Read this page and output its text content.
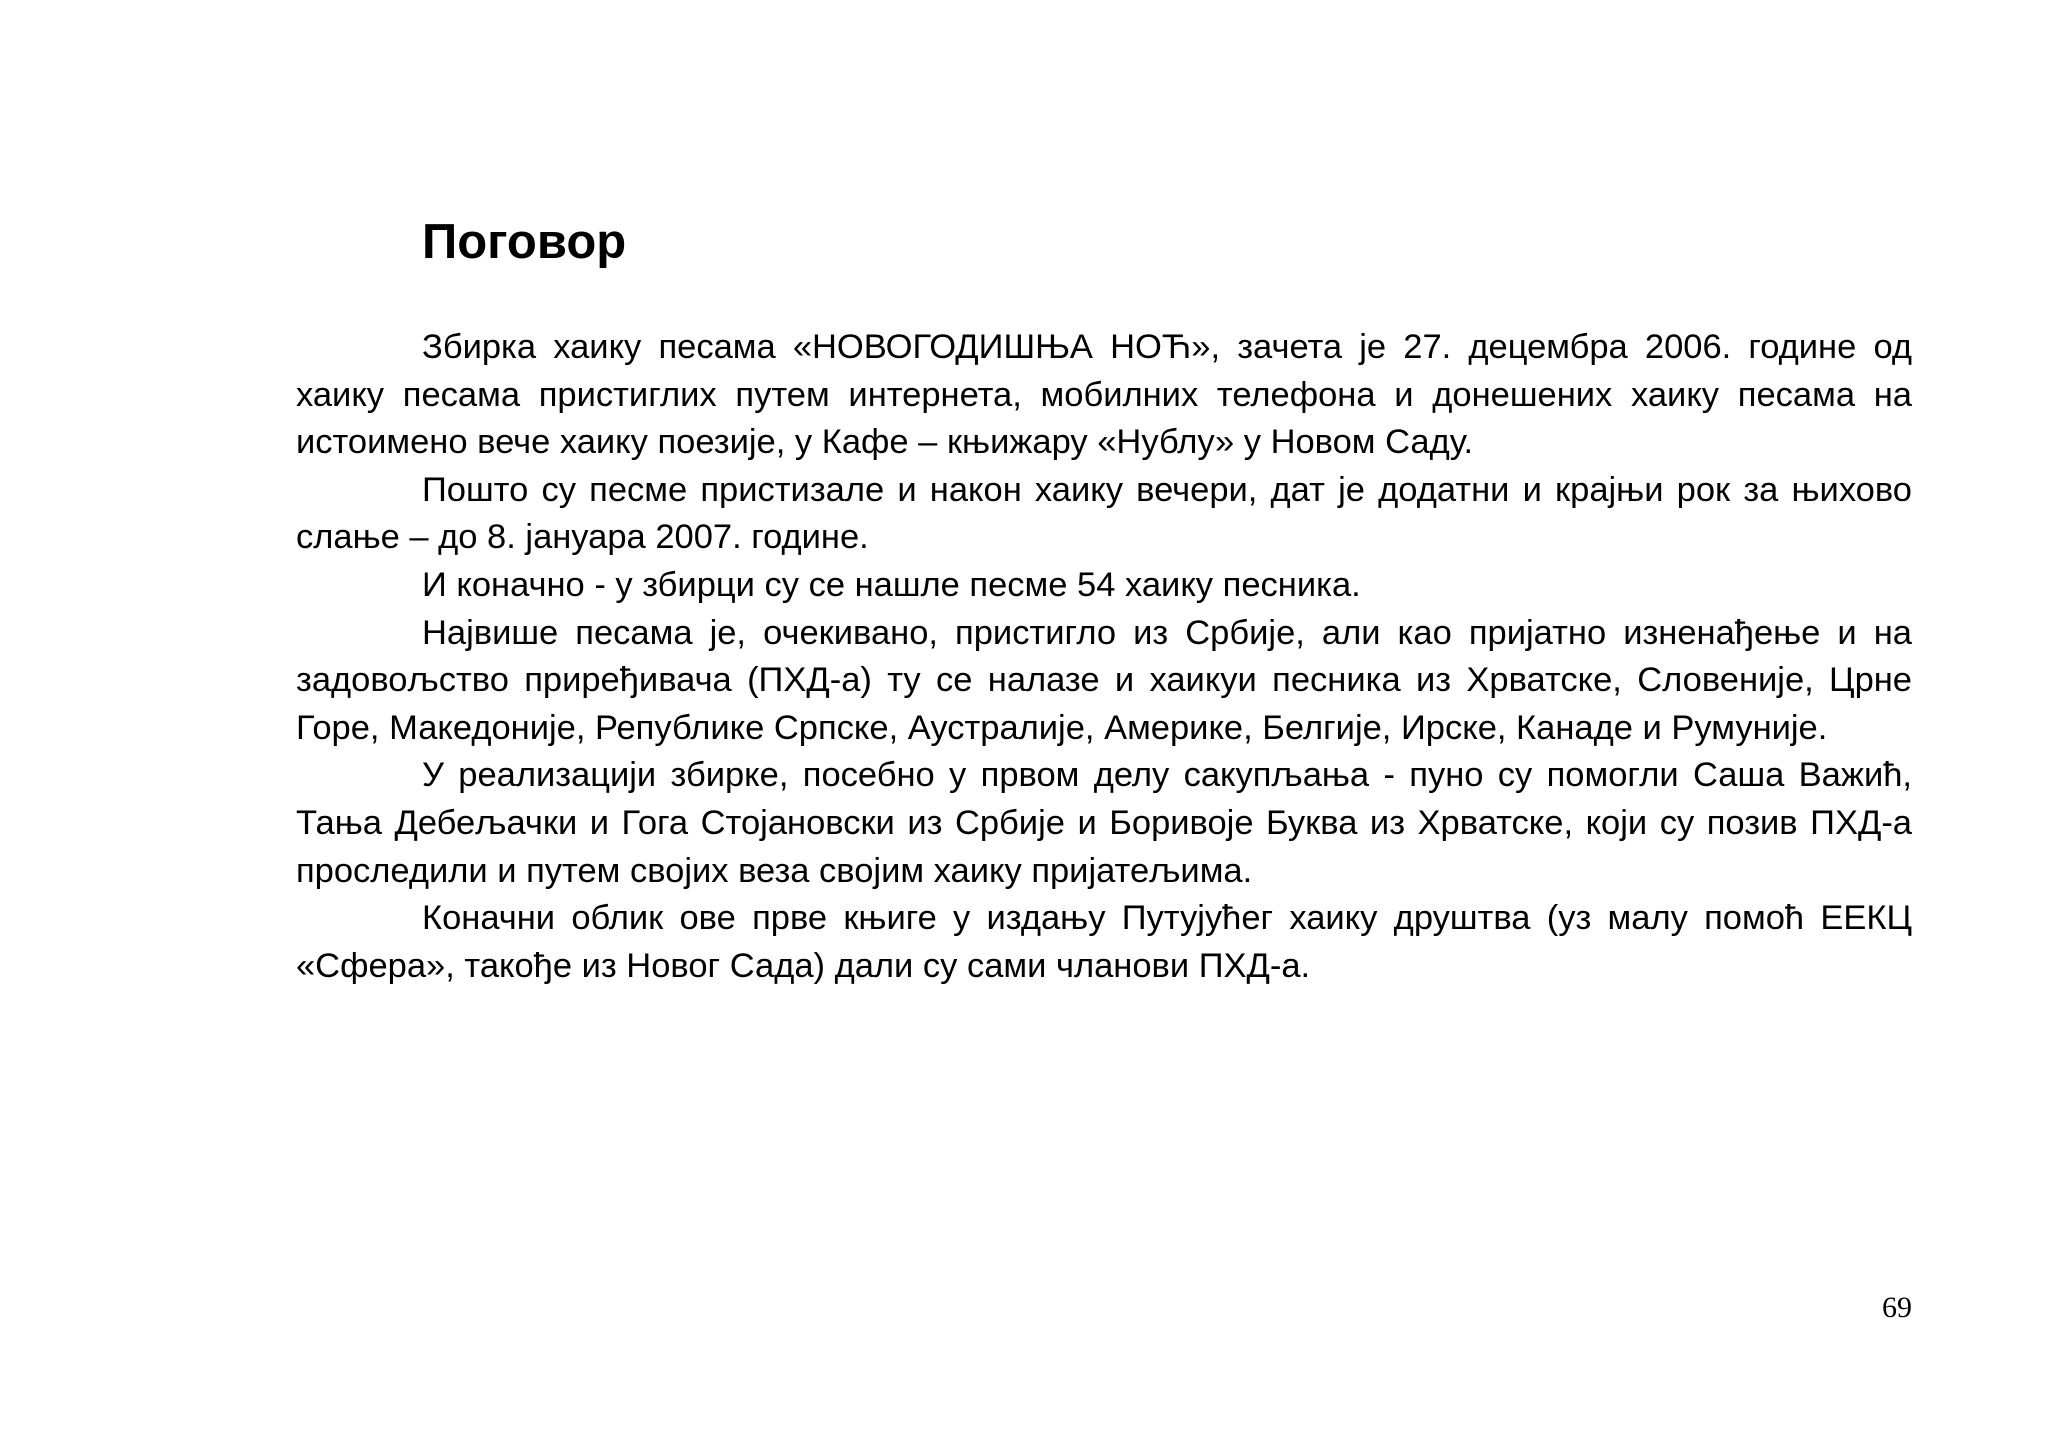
Поговор

Збирка хаику песама «НОВОГОДИШЊА НОЋ», зачета је 27. децембра 2006. године од хаику песама пристиглих путем интернета, мобилних телефона и донешених хаику песама на истоимено вече хаику поезије, у Кафе – књижару «Нублу» у Новом Саду.

Пошто су песме пристизале и након хаику вечери, дат је додатни и крајњи рок за њихово слање – до 8. јануара 2007. године.

И коначно - у збирци су се нашле песме 54 хаику песника.

Највише песама је, очекивано, пристигло из Србије, али као пријатно изненађење и на задовољство приређивача (ПХД-а) ту се налазе и хаикуи песника из Хрватске, Словеније, Црне Горе, Македоније, Републике Српске, Аустралије, Америке, Белгије, Ирске, Канаде и Румуније.

У реализацији збирке, посебно у првом делу сакупљања - пуно су помогли Саша Важић, Тања Дебељачки и Гога Стојановски из Србије и Боривоје Буква из Хрватске, који су позив ПХД-а проследили и путем својих веза својим хаику пријатељима.

Коначни облик ове прве књиге у издању Путујућег хаику друштва (уз малу помоћ ЕЕКЦ «Сфера», такође из Новог Сада) дали су сами чланови ПХД-а.

69
